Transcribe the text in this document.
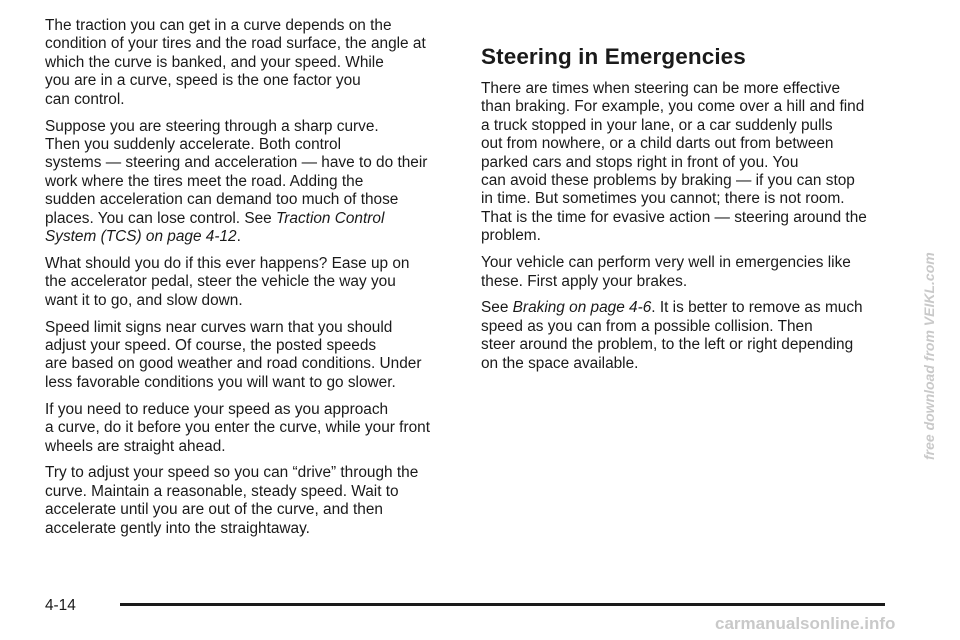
The traction you can get in a curve depends on the
condition of your tires and the road surface, the angle at
which the curve is banked, and your speed. While
you are in a curve, speed is the one factor you
can control.

Suppose you are steering through a sharp curve.
Then you suddenly accelerate. Both control
systems — steering and acceleration — have to do their
work where the tires meet the road. Adding the
sudden acceleration can demand too much of those
places. You can lose control. See Traction Control
System (TCS) on page 4-12.

What should you do if this ever happens? Ease up on
the accelerator pedal, steer the vehicle the way you
want it to go, and slow down.

Speed limit signs near curves warn that you should
adjust your speed. Of course, the posted speeds
are based on good weather and road conditions. Under
less favorable conditions you will want to go slower.

If you need to reduce your speed as you approach
a curve, do it before you enter the curve, while your front
wheels are straight ahead.

Try to adjust your speed so you can “drive” through the
curve. Maintain a reasonable, steady speed. Wait to
accelerate until you are out of the curve, and then
accelerate gently into the straightaway.

Steering in Emergencies

There are times when steering can be more effective
than braking. For example, you come over a hill and find
a truck stopped in your lane, or a car suddenly pulls
out from nowhere, or a child darts out from between
parked cars and stops right in front of you. You
can avoid these problems by braking — if you can stop
in time. But sometimes you cannot; there is not room.
That is the time for evasive action — steering around the
problem.

Your vehicle can perform very well in emergencies like
these. First apply your brakes.

See Braking on page 4-6. It is better to remove as much
speed as you can from a possible collision. Then
steer around the problem, to the left or right depending
on the space available.

4-14
free download from VEIKL.com
carmanualsonline.info
